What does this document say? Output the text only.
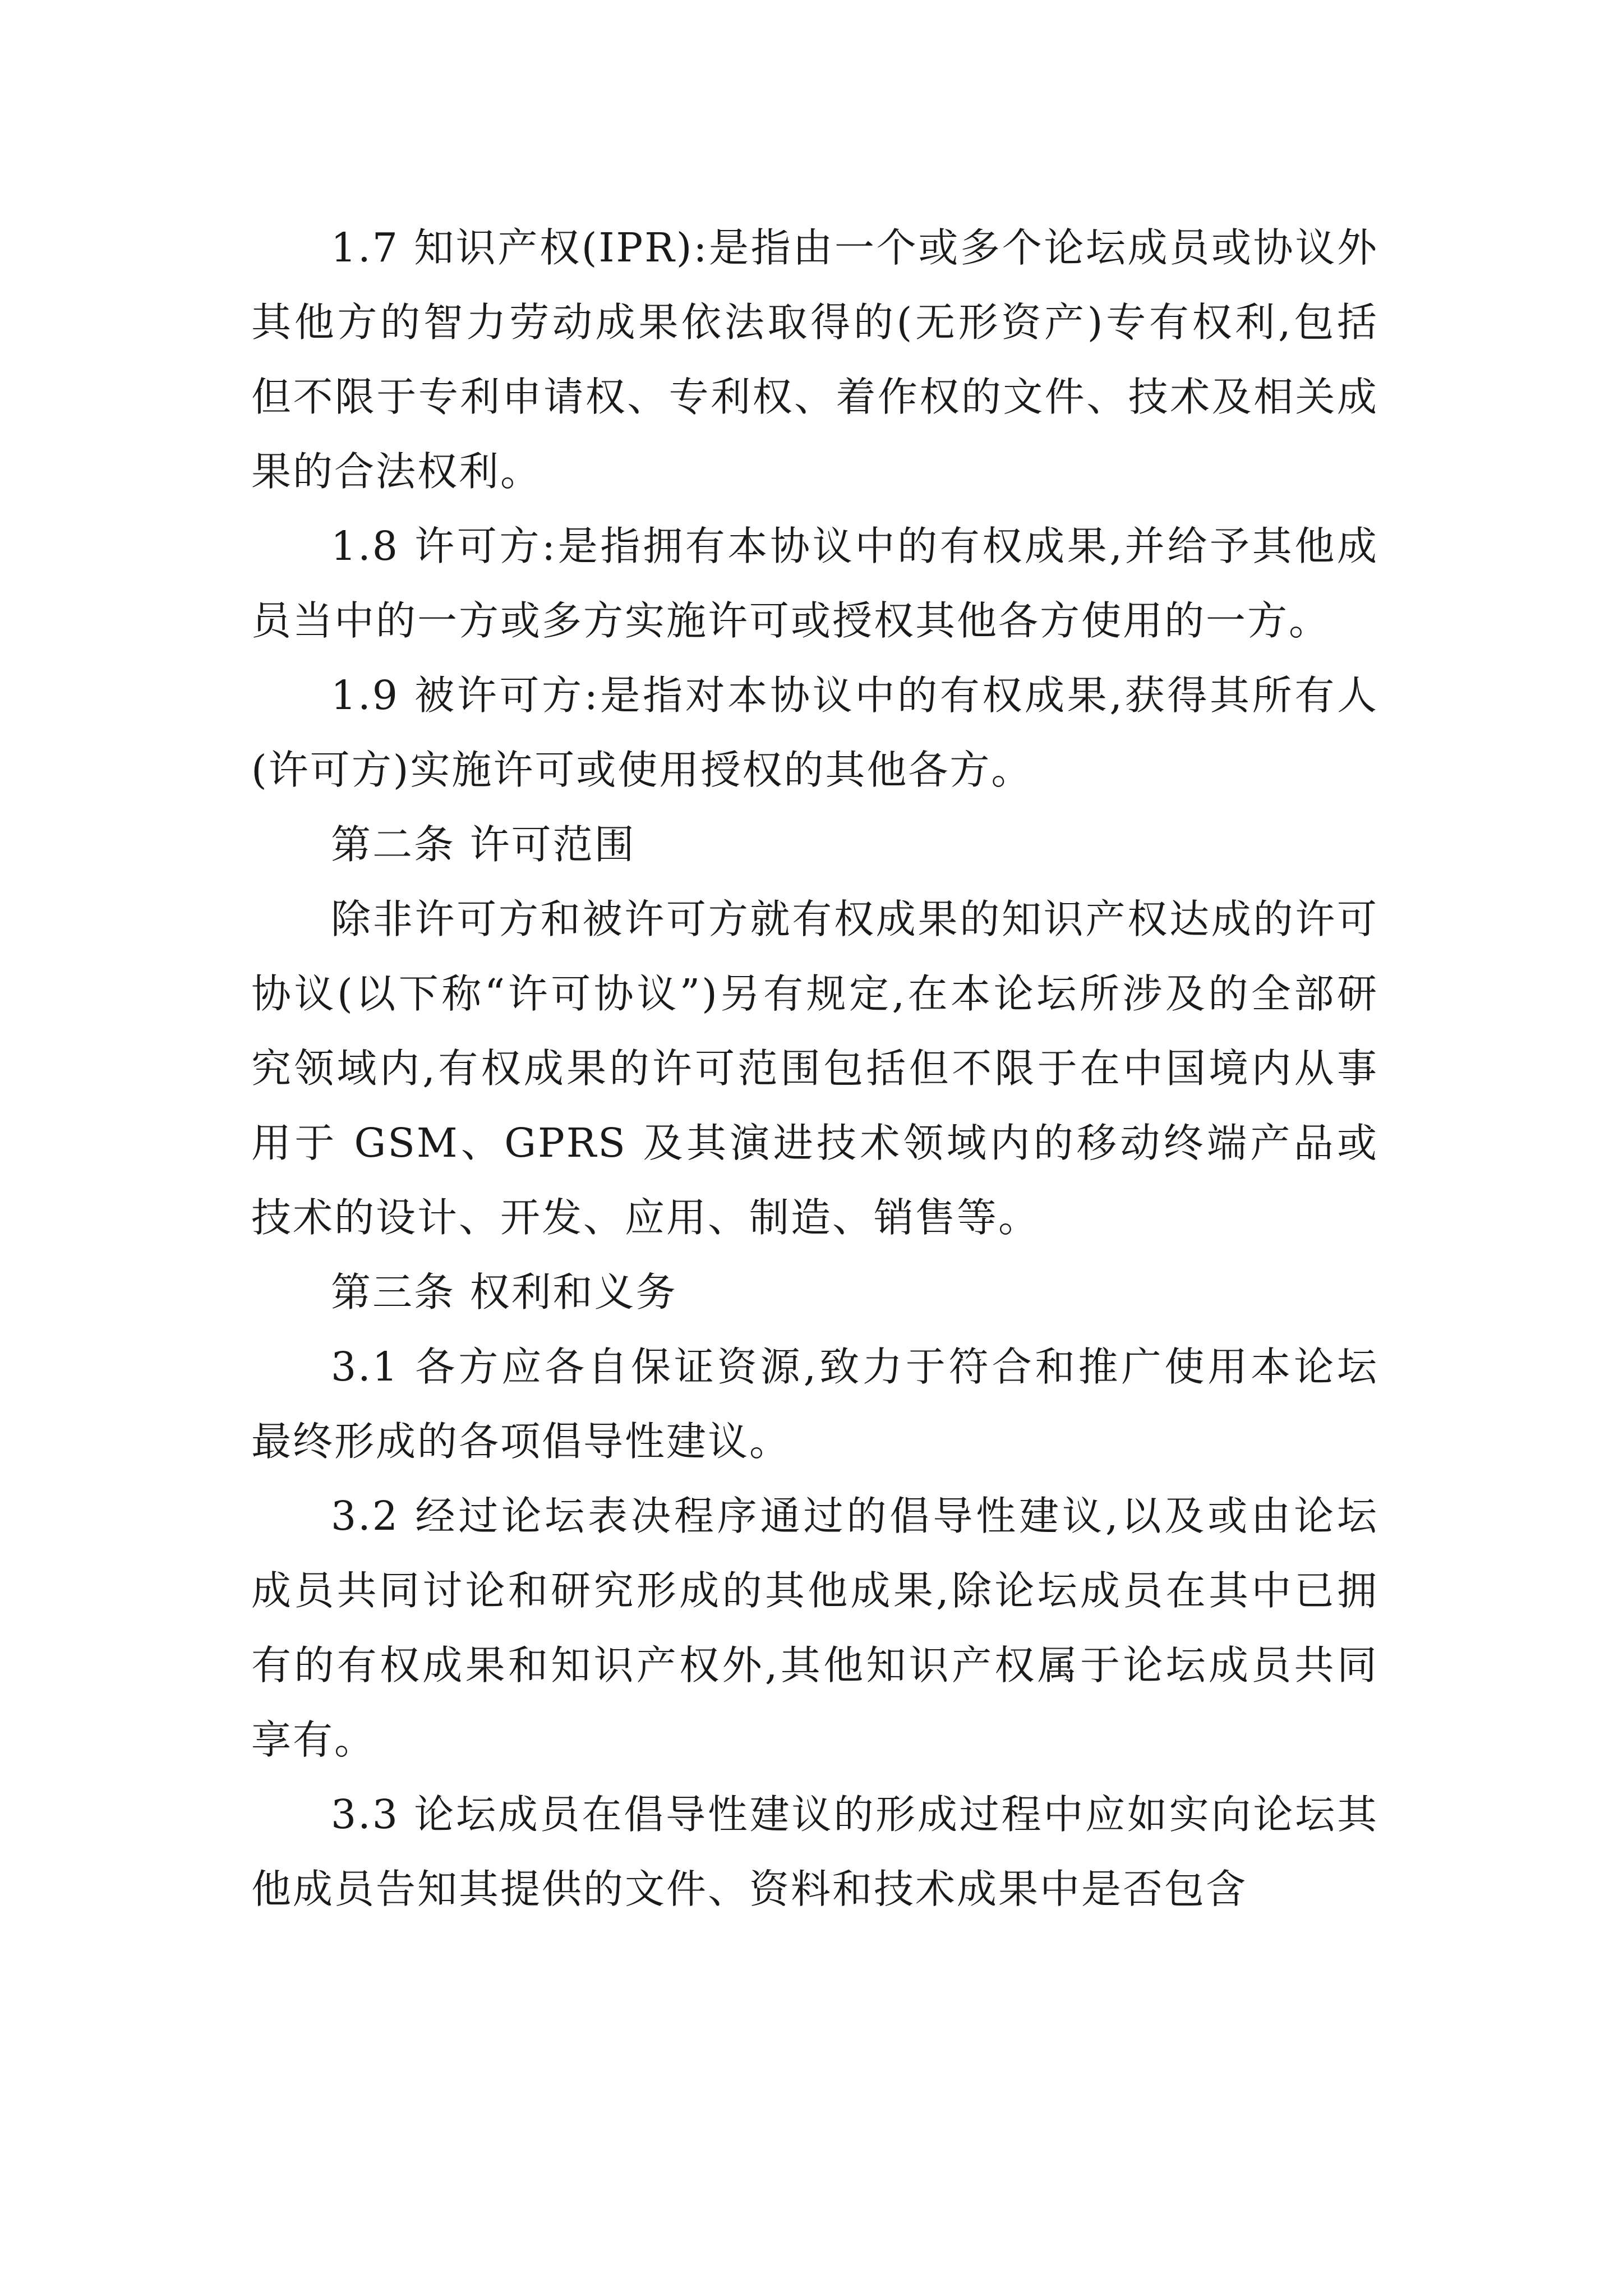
1.7 知识产权(IPR):是指由一个或多个论坛成员或协议外其他方的智力劳动成果依法取得的(无形资产)专有权利,包括但不限于专利申请权、专利权、着作权的文件、技术及相关成果的合法权利。

1.8 许可方:是指拥有本协议中的有权成果,并给予其他成员当中的一方或多方实施许可或授权其他各方使用的一方。

1.9 被许可方:是指对本协议中的有权成果,获得其所有人(许可方)实施许可或使用授权的其他各方。

第二条 许可范围

除非许可方和被许可方就有权成果的知识产权达成的许可协议(以下称“许可协议”)另有规定,在本论坛所涉及的全部研究领域内,有权成果的许可范围包括但不限于在中国境内从事用于 GSM、GPRS 及其演进技术领域内的移动终端产品或技术的设计、开发、应用、制造、销售等。

第三条 权利和义务

3.1 各方应各自保证资源,致力于符合和推广使用本论坛最终形成的各项倡导性建议。

3.2 经过论坛表决程序通过的倡导性建议,以及或由论坛成员共同讨论和研究形成的其他成果,除论坛成员在其中已拥有的有权成果和知识产权外,其他知识产权属于论坛成员共同享有。

3.3 论坛成员在倡导性建议的形成过程中应如实向论坛其他成员告知其提供的文件、资料和技术成果中是否包含
